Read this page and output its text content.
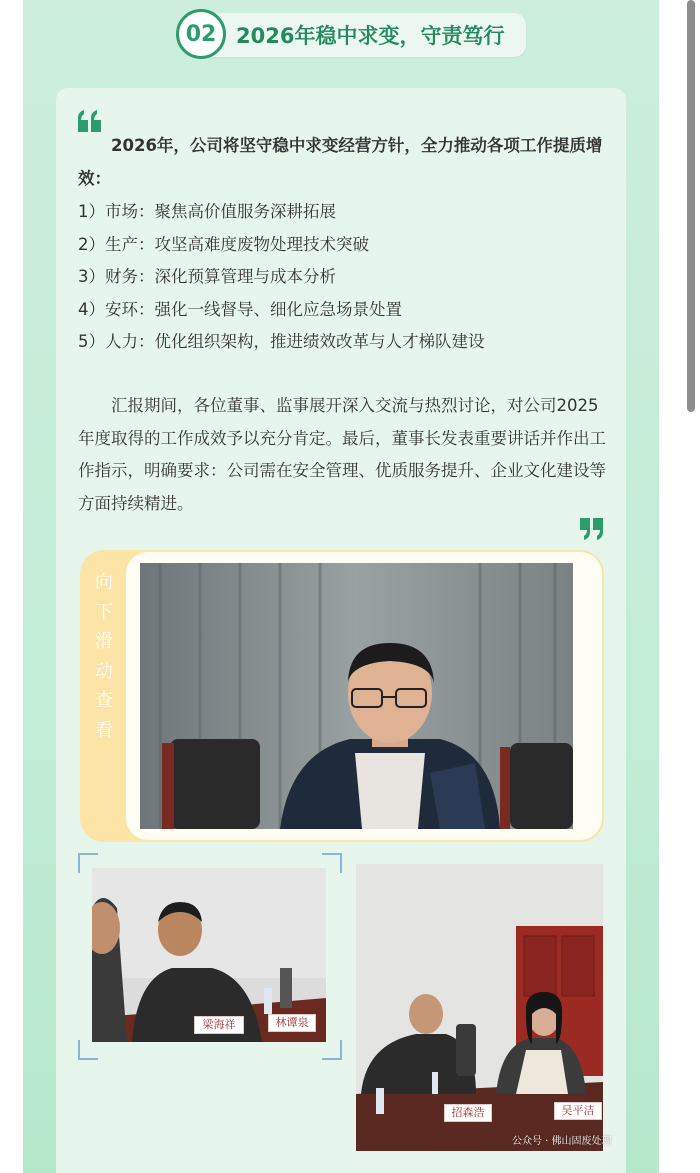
02 2026年稳中求变，守责笃行
2026年，公司将坚守稳中求变经营方针，全力推动各项工作提质增效：
1）市场：聚焦高价值服务深耕拓展
2）生产：攻坚高难度废物处理技术突破
3）财务：深化预算管理与成本分析
4）安环：强化一线督导、细化应急场景处置
5）人力：优化组织架构，推进绩效改革与人才梯队建设
汇报期间，各位董事、监事展开深入交流与热烈讨论，对公司2025年度取得的工作成效予以充分肯定。最后，董事长发表重要讲话并作出工作指示，明确要求：公司需在安全管理、优质服务提升、企业文化建设等方面持续精进。
向
下
滑
动
查
看
梁海祥	林谭泉
招森浩	吴平洁
公众号 · 佛山固废处理
